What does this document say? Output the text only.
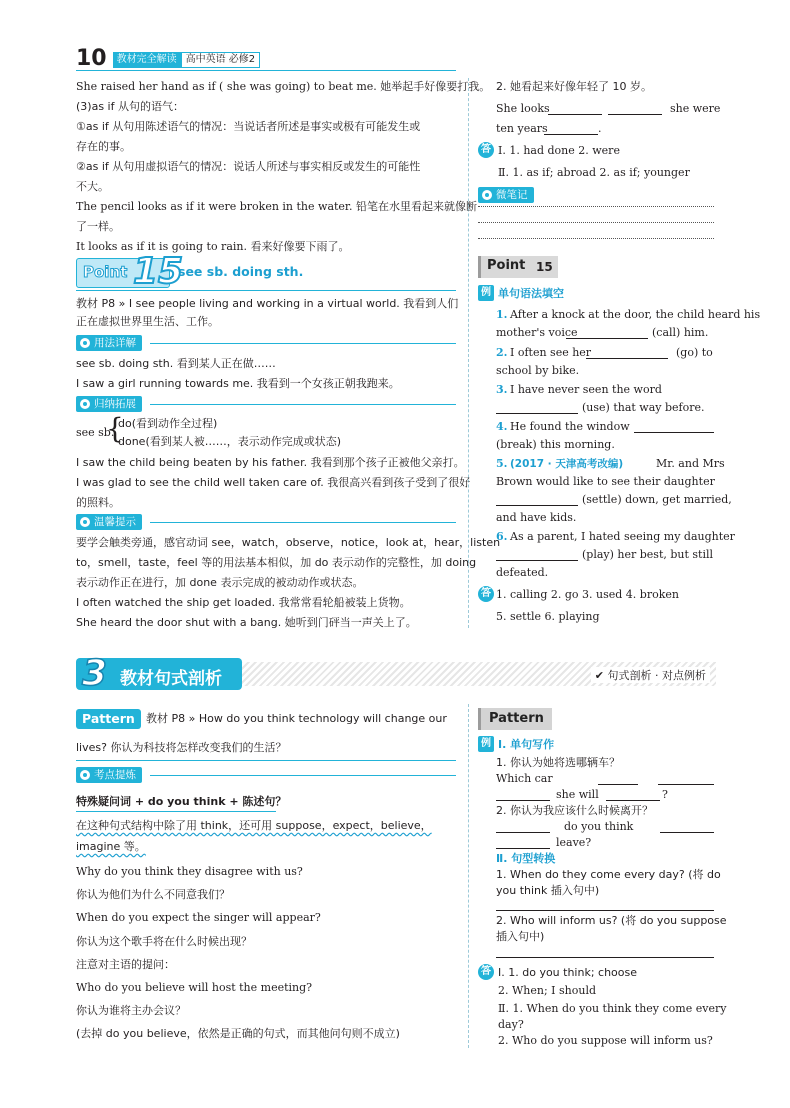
10	教材完全解读 高中英语 必修2
She raised her hand as if ( she was going) to beat me. 她举起手好像要打我。
(3)as if 从句的语气：
①as if 从句用陈述语气的情况：当说话者所述是事实或极有可能发生或
存在的事。
②as if 从句用虚拟语气的情况：说话人所述与事实相反或发生的可能性
不大。
The pencil looks as if it were broken in the water. 铅笔在水里看起来就像断
了一样。
It looks as if it is going to rain. 看来好像要下雨了。
Point 15
see sb. doing sth.
教材 P8 » I see people living and working in a virtual world. 我看到人们
正在虚拟世界里生活、工作。
用法详解
see sb. doing sth. 看到某人正在做……
I saw a girl running towards me. 我看到一个女孩正朝我跑来。
归纳拓展
see sb.
{
do(看到动作全过程)
done(看到某人被……，表示动作完成或状态)
I saw the child being beaten by his father. 我看到那个孩子正被他父亲打。
I was glad to see the child well taken care of. 我很高兴看到孩子受到了很好
的照料。
温馨提示
要学会触类旁通，感官动词 see，watch，observe，notice，look at，hear，listen
to，smell，taste，feel 等的用法基本相似，加 do 表示动作的完整性，加 doing
表示动作正在进行，加 done 表示完成的被动动作或状态。
I often watched the ship get loaded. 我常常看轮船被装上货物。
She heard the door shut with a bang. 她听到门砰当一声关上了。
2. 她看起来好像年轻了 10 岁。
She looks	she were
ten years	.
答 Ⅰ. 1. had done 2. were
Ⅱ. 1. as if; abroad 2. as if; younger
微笔记
Point 15
例 单句语法填空
1. After a knock at the door, the child heard his
mother's voice	(call) him.
2. I often see her	(go) to
school by bike.
3. I have never seen the word
(use) that way before.
4. He found the window
(break) this morning.
5. (2017 · 天津高考改编)	Mr. and Mrs
Brown would like to see their daughter
(settle) down, get married,
and have kids.
6. As a parent, I hated seeing my daughter
(play) her best, but still
defeated.
答 1. calling 2. go 3. used 4. broken
5. settle 6. playing
3 教材句式剖析	✔ 句式剖析 · 对点例析
Pattern	教材 P8 » How do you think technology will change our
lives? 你认为科技将怎样改变我们的生活？
考点提炼
特殊疑问词 + do you think + 陈述句？
在这种句式结构中除了用 think，还可用 suppose，expect，believe，
imagine 等。
Why do you think they disagree with us?
你认为他们为什么不同意我们？
When do you expect the singer will appear?
你认为这个歌手将在什么时候出现？
注意对主语的提问：
Who do you believe will host the meeting?
你认为谁将主办会议？
(去掉 do you believe，依然是正确的句式，而其他问句则不成立)
Pattern
例 Ⅰ. 单句写作
1. 你认为她将选哪辆车？
Which car
she will	?
2. 你认为我应该什么时候离开？
do you think
leave?
Ⅱ. 句型转换
1. When do they come every day? (将 do
you think 插入句中)
2. Who will inform us? (将 do you suppose
插入句中)
答 Ⅰ. 1. do you think; choose
2. When; I should
Ⅱ. 1. When do you think they come every
day?
2. Who do you suppose will inform us?
